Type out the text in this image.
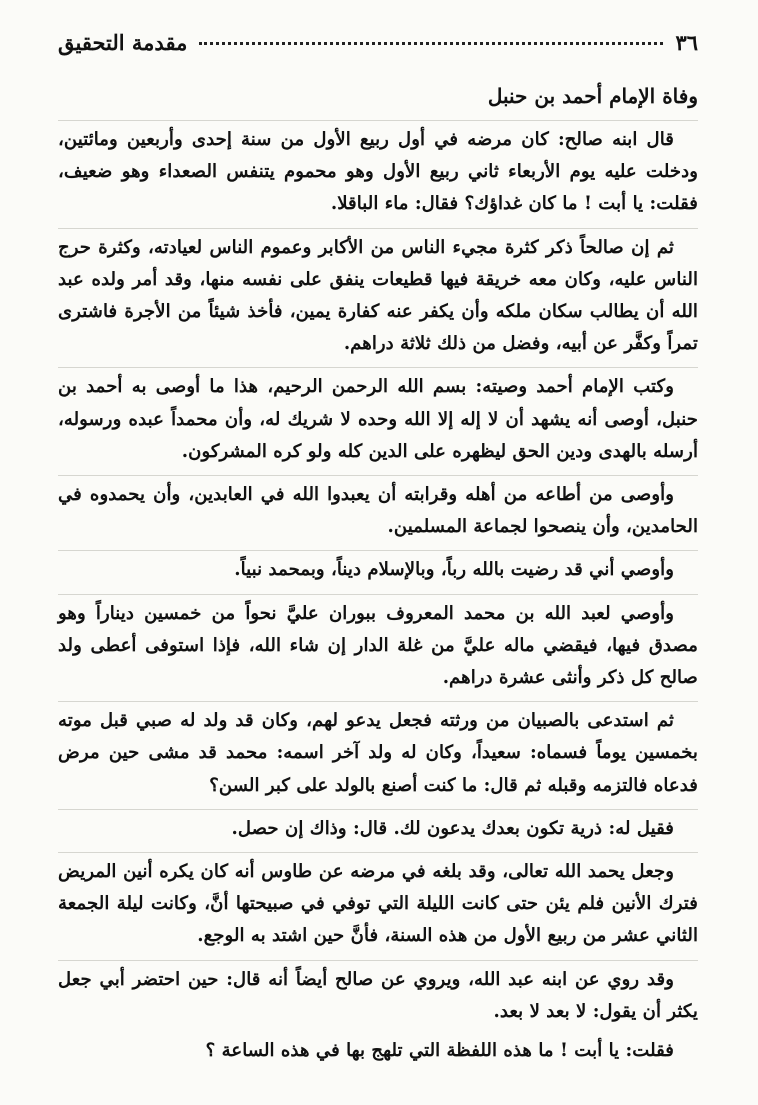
٣٦
مقدمة التحقيق
وفاة الإمام أحمد بن حنبل

قال ابنه صالح: كان مرضه في أول ربيع الأول من سنة إحدى وأربعين ومائتين، ودخلت عليه يوم الأربعاء ثاني ربيع الأول وهو محموم يتنفس الصعداء وهو ضعيف، فقلت: يا أبت ! ما كان غداؤك؟ فقال: ماء الباقلا.

ثم إن صالحاً ذكر كثرة مجيء الناس من الأكابر وعموم الناس لعيادته، وكثرة حرج الناس عليه، وكان معه خريقة فيها قطيعات ينفق على نفسه منها، وقد أمر ولده عبد الله أن يطالب سكان ملكه وأن يكفر عنه كفارة يمين، فأخذ شيئاً من الأجرة فاشترى تمراً وكفَّر عن أبيه، وفضل من ذلك ثلاثة دراهم.

وكتب الإمام أحمد وصيته: بسم الله الرحمن الرحيم، هذا ما أوصى به أحمد بن حنبل، أوصى أنه يشهد أن لا إله إلا الله وحده لا شريك له، وأن محمداً عبده ورسوله، أرسله بالهدى ودين الحق ليظهره على الدين كله ولو كره المشركون.

وأوصى من أطاعه من أهله وقرابته أن يعبدوا الله في العابدين، وأن يحمدوه في الحامدين، وأن ينصحوا لجماعة المسلمين.

وأوصي أني قد رضيت بالله رباً، وبالإسلام ديناً، وبمحمد نبياً.

وأوصي لعبد الله بن محمد المعروف ببوران عليَّ نحواً من خمسين ديناراً وهو مصدق فيها، فيقضي ماله عليَّ من غلة الدار إن شاء الله، فإذا استوفى أعطى ولد صالح كل ذكر وأنثى عشرة دراهم.

ثم استدعى بالصبيان من ورثته فجعل يدعو لهم، وكان قد ولد له صبي قبل موته بخمسين يوماً فسماه: سعيداً، وكان له ولد آخر اسمه: محمد قد مشى حين مرض فدعاه فالتزمه وقبله ثم قال: ما كنت أصنع بالولد على كبر السن؟

فقيل له: ذرية تكون بعدك يدعون لك. قال: وذاك إن حصل.

وجعل يحمد الله تعالى، وقد بلغه في مرضه عن طاوس أنه كان يكره أنين المريض فترك الأنين فلم يئن حتى كانت الليلة التي توفي في صبيحتها أنَّ، وكانت ليلة الجمعة الثاني عشر من ربيع الأول من هذه السنة، فأنَّ حين اشتد به الوجع.

وقد روي عن ابنه عبد الله، ويروي عن صالح أيضاً أنه قال: حين احتضر أبي جعل يكثر أن يقول: لا بعد لا بعد.

فقلت: يا أبت ! ما هذه اللفظة التي تلهج بها في هذه الساعة ؟
